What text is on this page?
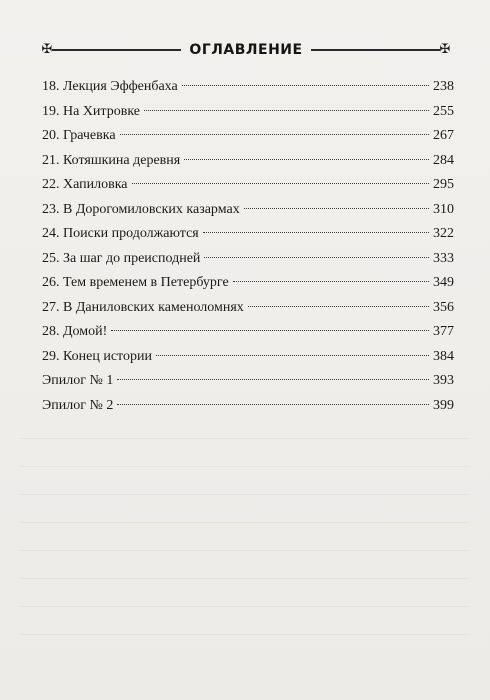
✠	✠
ОГЛАВЛЕНИЕ
18. Лекция Эффенбаха	238
19. На Хитровке	255
20. Грачевка	267
21. Котяшкина деревня	284
22. Хапиловка	295
23. В Дорогомиловских казармах	310
24. Поиски продолжаются	322
25. За шаг до преисподней	333
26. Тем временем в Петербурге	349
27. В Даниловских каменоломнях	356
28. Домой!	377
29. Конец истории	384
Эпилог № 1	393
Эпилог № 2	399
